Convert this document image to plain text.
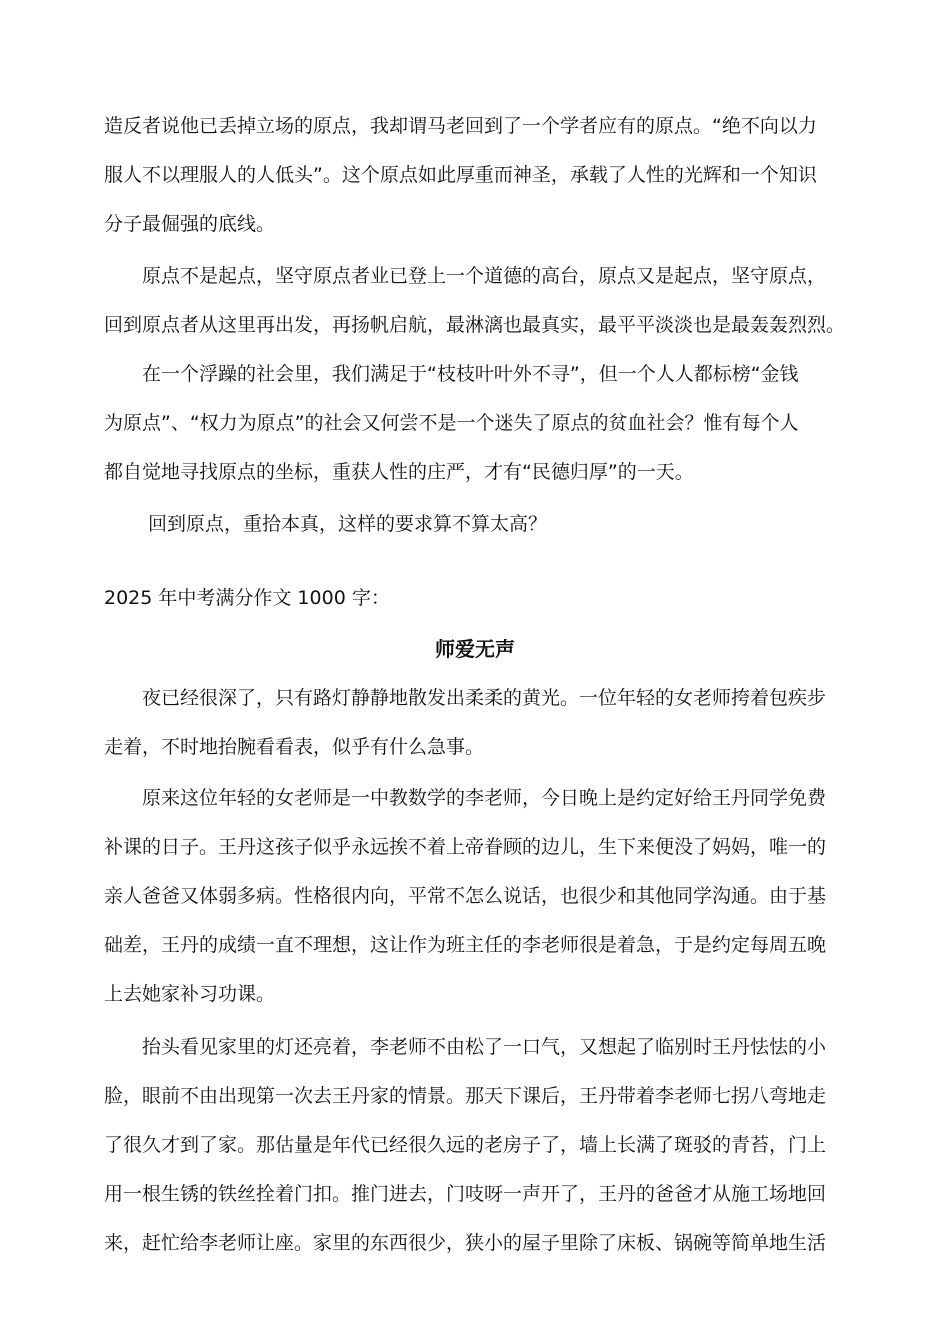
造反者说他已丢掉立场的原点，我却谓马老回到了一个学者应有的原点。“绝不向以力
服人不以理服人的人低头”。这个原点如此厚重而神圣，承载了人性的光辉和一个知识
分子最倔强的底线。
原点不是起点，坚守原点者业已登上一个道德的高台，原点又是起点，坚守原点，
回到原点者从这里再出发，再扬帆启航，最淋漓也最真实，最平平淡淡也是最轰轰烈烈。
在一个浮躁的社会里，我们满足于“枝枝叶叶外不寻”，但一个人人都标榜“金钱
为原点”、“权力为原点”的社会又何尝不是一个迷失了原点的贫血社会？惟有每个人
都自觉地寻找原点的坐标，重获人性的庄严，才有“民德归厚”的一天。
回到原点，重拾本真，这样的要求算不算太高？
2025 年中考满分作文 1000 字：
师爱无声
夜已经很深了，只有路灯静静地散发出柔柔的黄光。一位年轻的女老师挎着包疾步
走着，不时地抬腕看看表，似乎有什么急事。
原来这位年轻的女老师是一中教数学的李老师，今日晚上是约定好给王丹同学免费
补课的日子。王丹这孩子似乎永远挨不着上帝眷顾的边儿，生下来便没了妈妈，唯一的
亲人爸爸又体弱多病。性格很内向，平常不怎么说话，也很少和其他同学沟通。由于基
础差，王丹的成绩一直不理想，这让作为班主任的李老师很是着急，于是约定每周五晚
上去她家补习功课。
抬头看见家里的灯还亮着，李老师不由松了一口气，又想起了临别时王丹怯怯的小
脸，眼前不由出现第一次去王丹家的情景。那天下课后，王丹带着李老师七拐八弯地走
了很久才到了家。那估量是年代已经很久远的老房子了，墙上长满了斑驳的青苔，门上
用一根生锈的铁丝拴着门扣。推门进去，门吱呀一声开了，王丹的爸爸才从施工场地回
来，赶忙给李老师让座。家里的东西很少，狭小的屋子里除了床板、锅碗等简单地生活
